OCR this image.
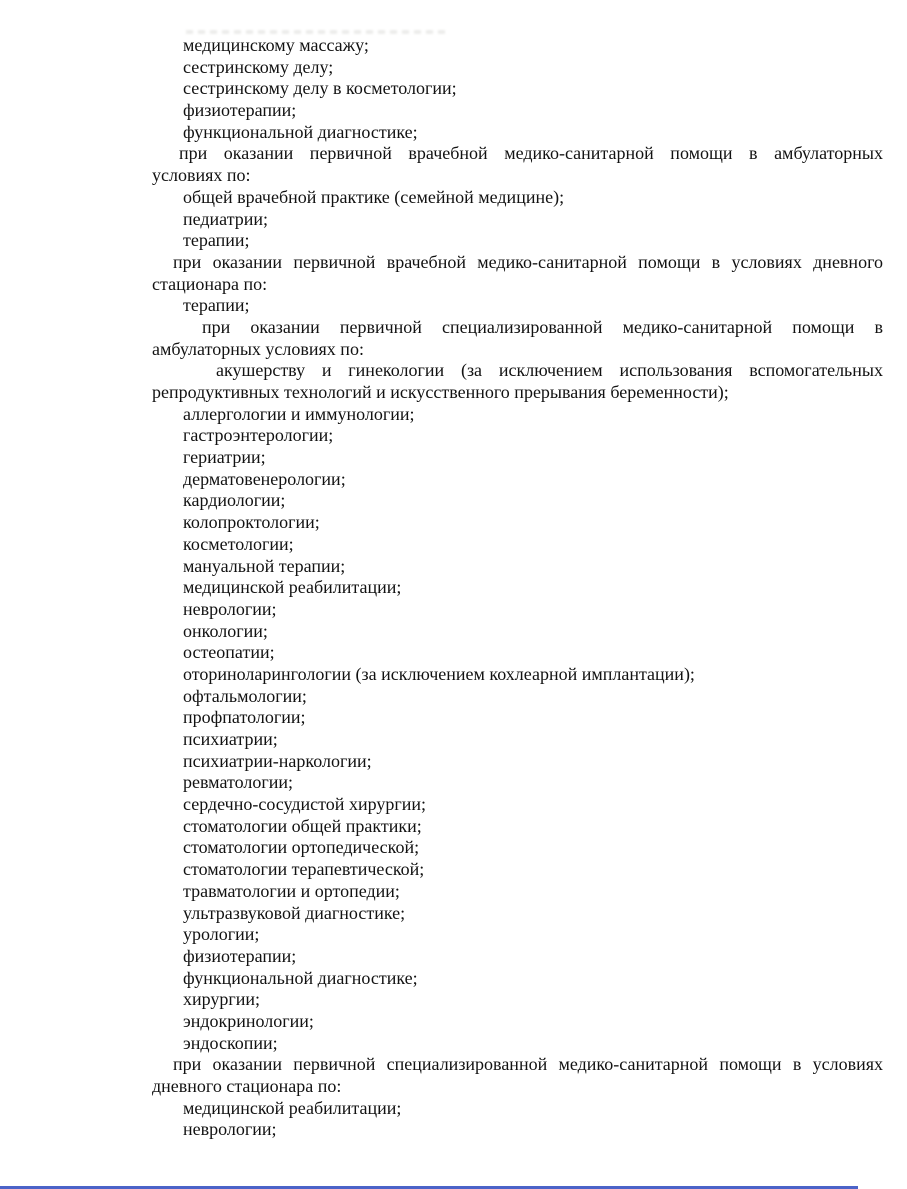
медицинскому массажу;
сестринскому делу;
сестринскому делу в косметологии;
физиотерапии;
функциональной диагностике;
при оказании первичной врачебной медико-санитарной помощи в амбулаторных
условиях по:
общей врачебной практике (семейной медицине);
педиатрии;
терапии;
при оказании первичной врачебной медико-санитарной помощи в условиях дневного
стационара по:
терапии;
при оказании первичной специализированной медико-санитарной помощи в
амбулаторных условиях по:
акушерству и гинекологии (за исключением использования вспомогательных
репродуктивных технологий и искусственного прерывания беременности);
аллергологии и иммунологии;
гастроэнтерологии;
гериатрии;
дерматовенерологии;
кардиологии;
колопроктологии;
косметологии;
мануальной терапии;
медицинской реабилитации;
неврологии;
онкологии;
остеопатии;
оториноларингологии (за исключением кохлеарной имплантации);
офтальмологии;
профпатологии;
психиатрии;
психиатрии-наркологии;
ревматологии;
сердечно-сосудистой хирургии;
стоматологии общей практики;
стоматологии ортопедической;
стоматологии терапевтической;
травматологии и ортопедии;
ультразвуковой диагностике;
урологии;
физиотерапии;
функциональной диагностике;
хирургии;
эндокринологии;
эндоскопии;
при оказании первичной специализированной медико-санитарной помощи в условиях
дневного стационара по:
медицинской реабилитации;
неврологии;
